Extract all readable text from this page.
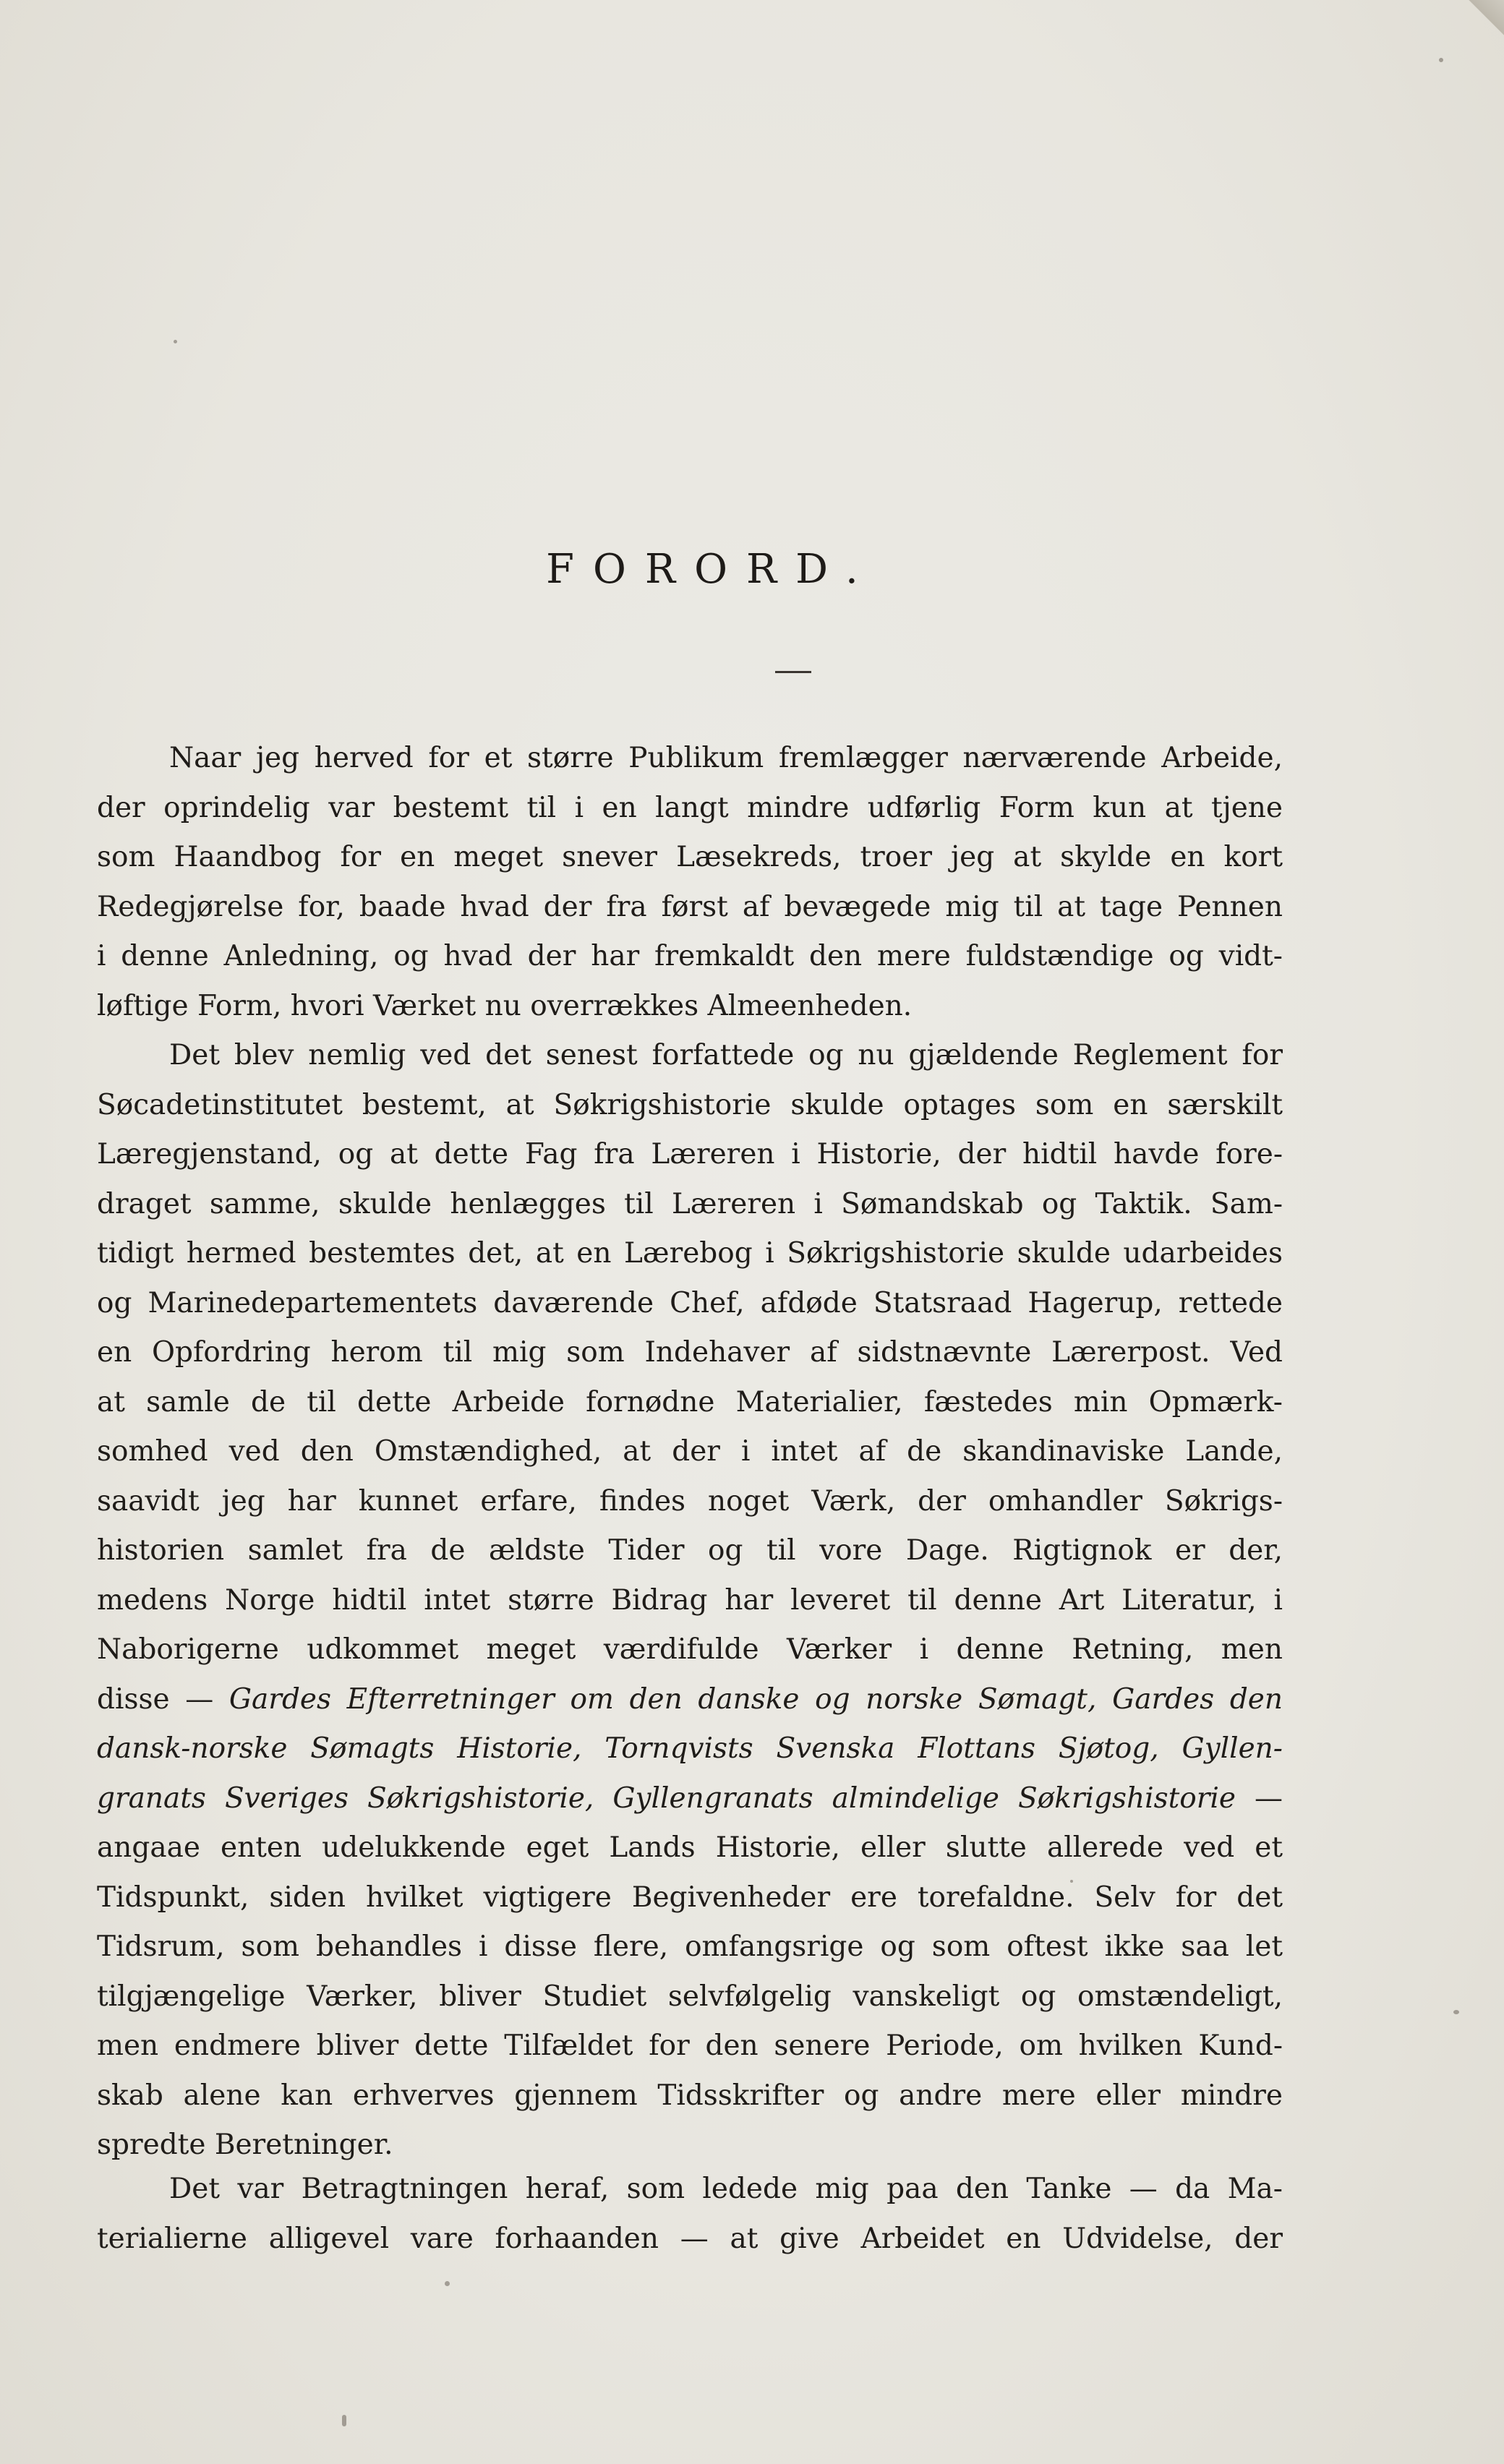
FORORD.
Naar jeg herved for et større Publikum fremlægger nærværende Arbeide,
der oprindelig var bestemt til i en langt mindre udførlig Form kun at tjene
som Haandbog for en meget snever Læsekreds, troer jeg at skylde en kort
Redegjørelse for, baade hvad der fra først af bevægede mig til at tage Pennen
i denne Anledning, og hvad der har fremkaldt den mere fuldstændige og vidt-
løftige Form, hvori Værket nu overrækkes Almeenheden.
Det blev nemlig ved det senest forfattede og nu gjældende Reglement for
Søcadetinstitutet bestemt, at Søkrigshistorie skulde optages som en særskilt
Læregjenstand, og at dette Fag fra Læreren i Historie, der hidtil havde fore-
draget samme, skulde henlægges til Læreren i Sømandskab og Taktik. Sam-
tidigt hermed bestemtes det, at en Lærebog i Søkrigshistorie skulde udarbeides
og Marinedepartementets daværende Chef, afdøde Statsraad Hagerup, rettede
en Opfordring herom til mig som Indehaver af sidstnævnte Lærerpost. Ved
at samle de til dette Arbeide fornødne Materialier, fæstedes min Opmærk-
somhed ved den Omstændighed, at der i intet af de skandinaviske Lande,
saavidt jeg har kunnet erfare, findes noget Værk, der omhandler Søkrigs-
historien samlet fra de ældste Tider og til vore Dage. Rigtignok er der,
medens Norge hidtil intet større Bidrag har leveret til denne Art Literatur, i
Naborigerne udkommet meget værdifulde Værker i denne Retning, men
disse — Gardes Efterretninger om den danske og norske Sømagt, Gardes den
dansk-norske Sømagts Historie, Tornqvists Svenska Flottans Sjøtog, Gyllen-
granats Sveriges Søkrigshistorie, Gyllengranats almindelige Søkrigshistorie —
angaae enten udelukkende eget Lands Historie, eller slutte allerede ved et
Tidspunkt, siden hvilket vigtigere Begivenheder ere torefaldne. Selv for det
Tidsrum, som behandles i disse flere, omfangsrige og som oftest ikke saa let
tilgjængelige Værker, bliver Studiet selvfølgelig vanskeligt og omstændeligt,
men endmere bliver dette Tilfældet for den senere Periode, om hvilken Kund-
skab alene kan erhverves gjennem Tidsskrifter og andre mere eller mindre
spredte Beretninger.
Det var Betragtningen heraf, som ledede mig paa den Tanke — da Ma-
terialierne alligevel vare forhaanden — at give Arbeidet en Udvidelse, der
